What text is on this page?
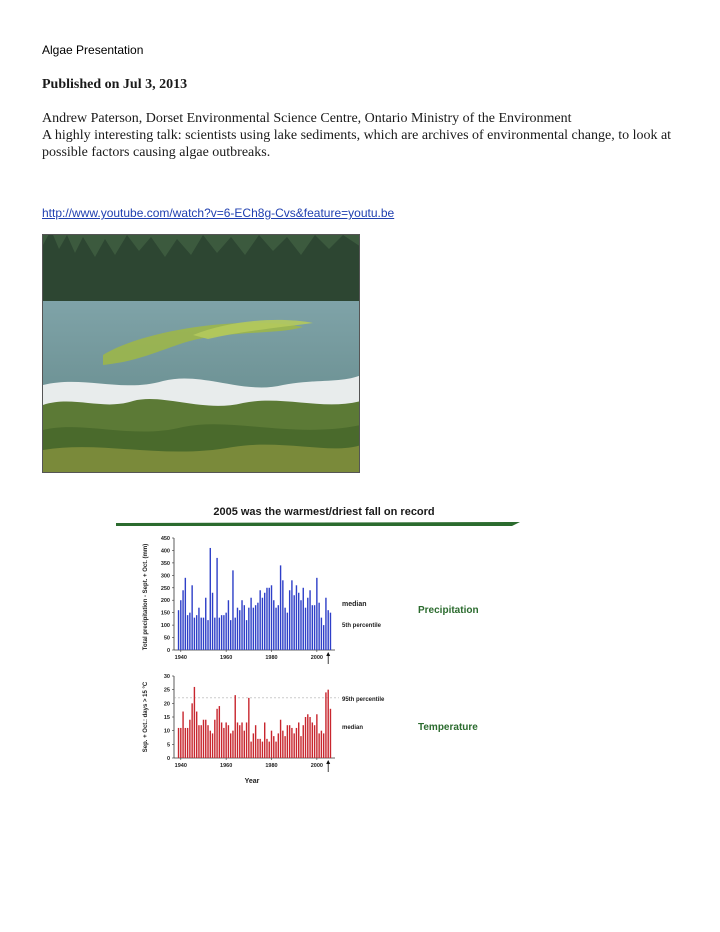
Algae Presentation
Published on Jul 3, 2013
Andrew Paterson, Dorset Environmental Science Centre, Ontario Ministry of the Environment
A highly interesting talk: scientists using lake sediments, which are archives of environmental change, to look at possible factors causing algae outbreaks.
http://www.youtube.com/watch?v=6-ECh8g-Cvs&feature=youtu.be
2005 was the warmest/driest fall on record
Total precipitation - Sept. + Oct. (mm)	median
5th percentile
Precipitation
0
50
100
150
200
250
300
350
400
450
1940	1960	1980	2000
Sep. + Oct.: days > 15 °C	95th percentile
median	Temperature
Year
0
5
10
15
20
25
30
1940	1960	1980	2000
